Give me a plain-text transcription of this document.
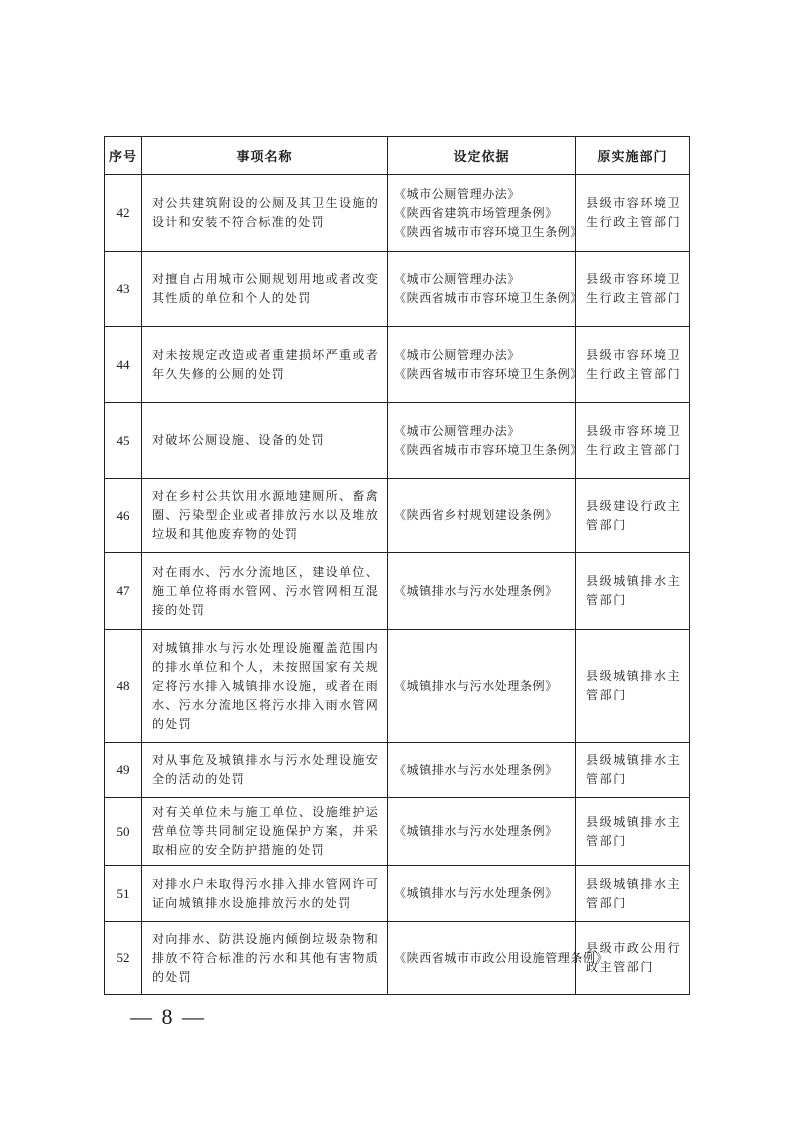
序号	事项名称	设定依据	原实施部门
42	对公共建筑附设的公厕及其卫生设施的设计和安装不符合标准的处罚	《城市公厕管理办法》
《陕西省建筑市场管理条例》
《陕西省城市市容环境卫生条例》	县级市容环境卫生行政主管部门
43	对擅自占用城市公厕规划用地或者改变其性质的单位和个人的处罚	《城市公厕管理办法》
《陕西省城市市容环境卫生条例》	县级市容环境卫生行政主管部门
44	对未按规定改造或者重建损坏严重或者年久失修的公厕的处罚	《城市公厕管理办法》
《陕西省城市市容环境卫生条例》	县级市容环境卫生行政主管部门
45	对破坏公厕设施、设备的处罚	《城市公厕管理办法》
《陕西省城市市容环境卫生条例》	县级市容环境卫生行政主管部门
46	对在乡村公共饮用水源地建厕所、畜禽圈、污染型企业或者排放污水以及堆放垃圾和其他废弃物的处罚	《陕西省乡村规划建设条例》	县级建设行政主管部门
47	对在雨水、污水分流地区，建设单位、施工单位将雨水管网、污水管网相互混接的处罚	《城镇排水与污水处理条例》	县级城镇排水主管部门
48	对城镇排水与污水处理设施覆盖范围内的排水单位和个人，未按照国家有关规定将污水排入城镇排水设施，或者在雨水、污水分流地区将污水排入雨水管网的处罚	《城镇排水与污水处理条例》	县级城镇排水主管部门
49	对从事危及城镇排水与污水处理设施安全的活动的处罚	《城镇排水与污水处理条例》	县级城镇排水主管部门
50	对有关单位未与施工单位、设施维护运营单位等共同制定设施保护方案，并采取相应的安全防护措施的处罚	《城镇排水与污水处理条例》	县级城镇排水主管部门
51	对排水户未取得污水排入排水管网许可证向城镇排水设施排放污水的处罚	《城镇排水与污水处理条例》	县级城镇排水主管部门
52	对向排水、防洪设施内倾倒垃圾杂物和排放不符合标准的污水和其他有害物质的处罚	《陕西省城市市政公用设施管理条例》	县级市政公用行政主管部门
— 8 —
